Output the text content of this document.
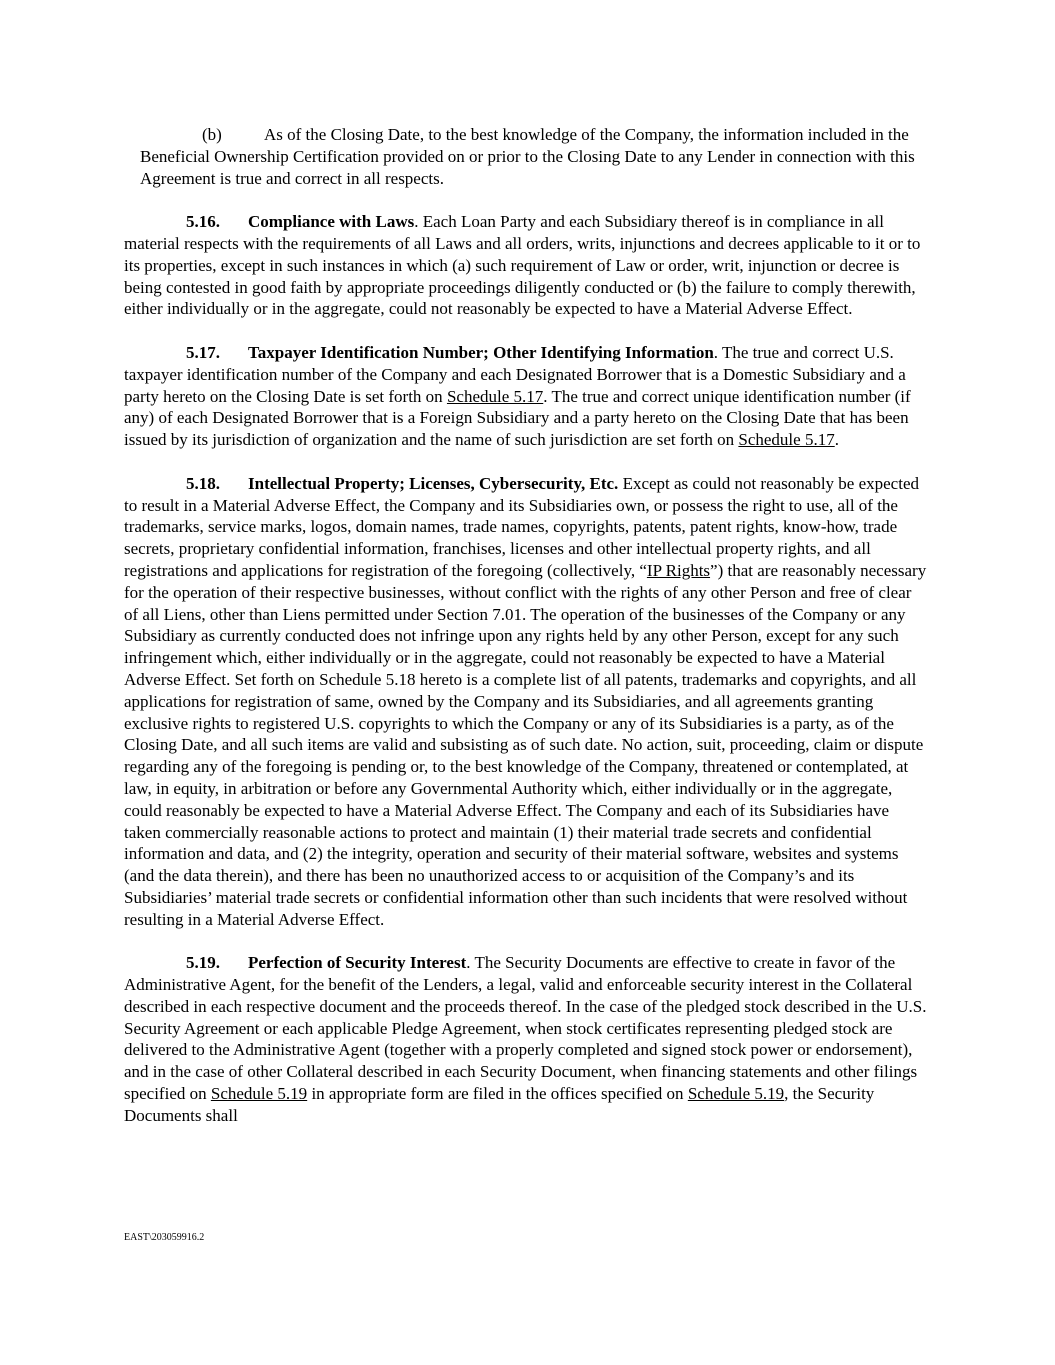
(b) As of the Closing Date, to the best knowledge of the Company, the information included in the Beneficial Ownership Certification provided on or prior to the Closing Date to any Lender in connection with this Agreement is true and correct in all respects.

5.16. Compliance with Laws. Each Loan Party and each Subsidiary thereof is in compliance in all material respects with the requirements of all Laws and all orders, writs, injunctions and decrees applicable to it or to its properties, except in such instances in which (a) such requirement of Law or order, writ, injunction or decree is being contested in good faith by appropriate proceedings diligently conducted or (b) the failure to comply therewith, either individually or in the aggregate, could not reasonably be expected to have a Material Adverse Effect.

5.17. Taxpayer Identification Number; Other Identifying Information. The true and correct U.S. taxpayer identification number of the Company and each Designated Borrower that is a Domestic Subsidiary and a party hereto on the Closing Date is set forth on Schedule 5.17. The true and correct unique identification number (if any) of each Designated Borrower that is a Foreign Subsidiary and a party hereto on the Closing Date that has been issued by its jurisdiction of organization and the name of such jurisdiction are set forth on Schedule 5.17.

5.18. Intellectual Property; Licenses, Cybersecurity, Etc. Except as could not reasonably be expected to result in a Material Adverse Effect, the Company and its Subsidiaries own, or possess the right to use, all of the trademarks, service marks, logos, domain names, trade names, copyrights, patents, patent rights, know-how, trade secrets, proprietary confidential information, franchises, licenses and other intellectual property rights, and all registrations and applications for registration of the foregoing (collectively, “IP Rights”) that are reasonably necessary for the operation of their respective businesses, without conflict with the rights of any other Person and free of clear of all Liens, other than Liens permitted under Section 7.01. The operation of the businesses of the Company or any Subsidiary as currently conducted does not infringe upon any rights held by any other Person, except for any such infringement which, either individually or in the aggregate, could not reasonably be expected to have a Material Adverse Effect. Set forth on Schedule 5.18 hereto is a complete list of all patents, trademarks and copyrights, and all applications for registration of same, owned by the Company and its Subsidiaries, and all agreements granting exclusive rights to registered U.S. copyrights to which the Company or any of its Subsidiaries is a party, as of the Closing Date, and all such items are valid and subsisting as of such date. No action, suit, proceeding, claim or dispute regarding any of the foregoing is pending or, to the best knowledge of the Company, threatened or contemplated, at law, in equity, in arbitration or before any Governmental Authority which, either individually or in the aggregate, could reasonably be expected to have a Material Adverse Effect. The Company and each of its Subsidiaries have taken commercially reasonable actions to protect and maintain (1) their material trade secrets and confidential information and data, and (2) the integrity, operation and security of their material software, websites and systems (and the data therein), and there has been no unauthorized access to or acquisition of the Company’s and its Subsidiaries’ material trade secrets or confidential information other than such incidents that were resolved without resulting in a Material Adverse Effect.

5.19. Perfection of Security Interest. The Security Documents are effective to create in favor of the Administrative Agent, for the benefit of the Lenders, a legal, valid and enforceable security interest in the Collateral described in each respective document and the proceeds thereof. In the case of the pledged stock described in the U.S. Security Agreement or each applicable Pledge Agreement, when stock certificates representing pledged stock are delivered to the Administrative Agent (together with a properly completed and signed stock power or endorsement), and in the case of other Collateral described in each Security Document, when financing statements and other filings specified on Schedule 5.19 in appropriate form are filed in the offices specified on Schedule 5.19, the Security Documents shall

EAST\203059916.2
